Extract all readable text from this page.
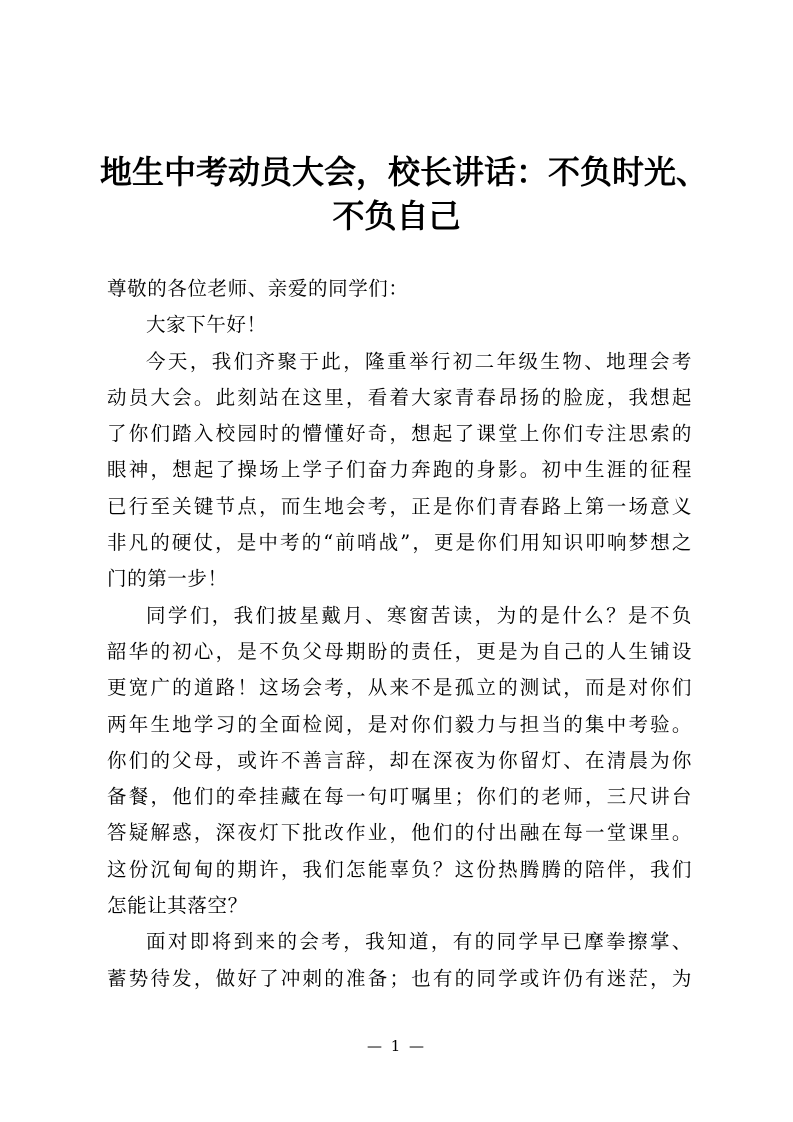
地生中考动员大会，校长讲话：不负时光、
不负自己

尊敬的各位老师、亲爱的同学们：

大家下午好！

今天，我们齐聚于此，隆重举行初二年级生物、地理会考
动员大会。此刻站在这里，看着大家青春昂扬的脸庞，我想起
了你们踏入校园时的懵懂好奇，想起了课堂上你们专注思索的
眼神，想起了操场上学子们奋力奔跑的身影。初中生涯的征程
已行至关键节点，而生地会考，正是你们青春路上第一场意义
非凡的硬仗，是中考的“前哨战”，更是你们用知识叩响梦想之
门的第一步！

同学们，我们披星戴月、寒窗苦读，为的是什么？是不负
韶华的初心，是不负父母期盼的责任，更是为自己的人生铺设
更宽广的道路！这场会考，从来不是孤立的测试，而是对你们
两年生地学习的全面检阅，是对你们毅力与担当的集中考验。
你们的父母，或许不善言辞，却在深夜为你留灯、在清晨为你
备餐，他们的牵挂藏在每一句叮嘱里；你们的老师，三尺讲台
答疑解惑，深夜灯下批改作业，他们的付出融在每一堂课里。
这份沉甸甸的期许，我们怎能辜负？这份热腾腾的陪伴，我们
怎能让其落空？

面对即将到来的会考，我知道，有的同学早已摩拳擦掌、
蓄势待发，做好了冲刺的准备；也有的同学或许仍有迷茫，为

— 1 —
